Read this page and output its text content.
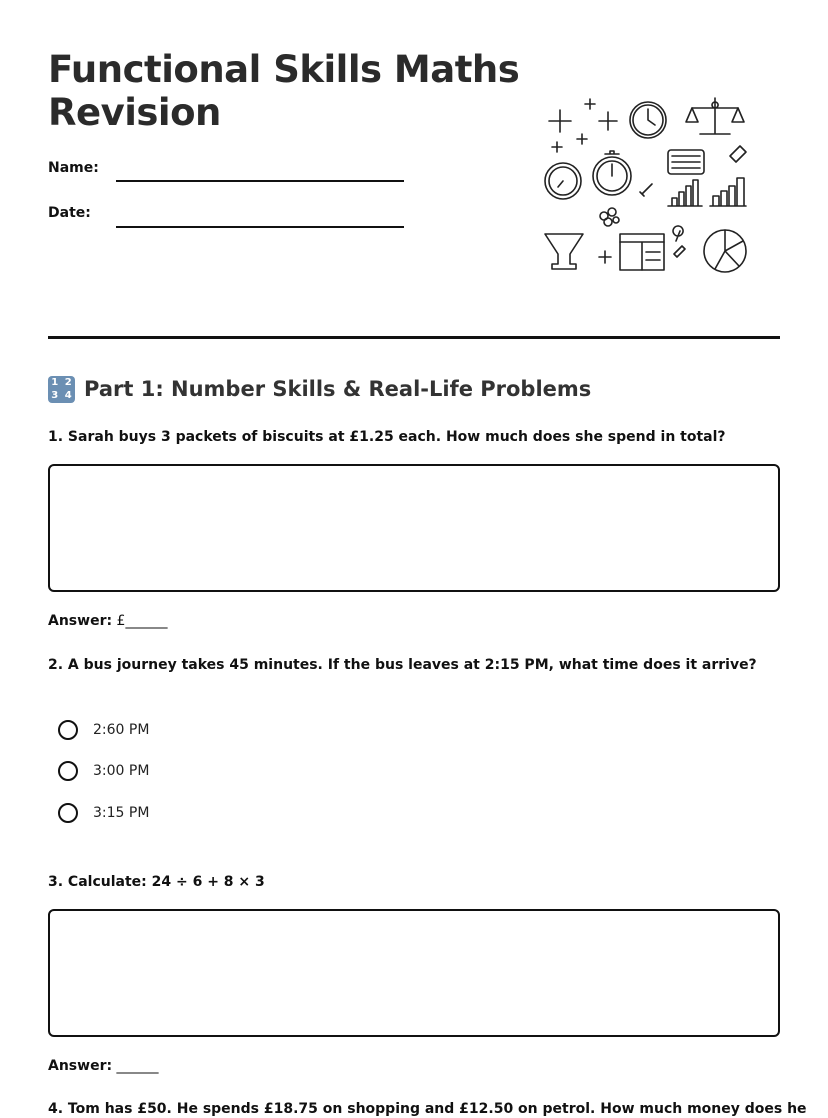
Functional Skills Maths Revision
Name:
Date:
1 2
3 4 Part 1: Number Skills & Real-Life Problems
1. Sarah buys 3 packets of biscuits at £1.25 each. How much does she spend in total?
Answer: £______
2. A bus journey takes 45 minutes. If the bus leaves at 2:15 PM, what time does it arrive?
2:60 PM
3:00 PM
3:15 PM
3. Calculate: 24 ÷ 6 + 8 × 3
Answer: ______
4. Tom has £50. He spends £18.75 on shopping and £12.50 on petrol. How much money does he
